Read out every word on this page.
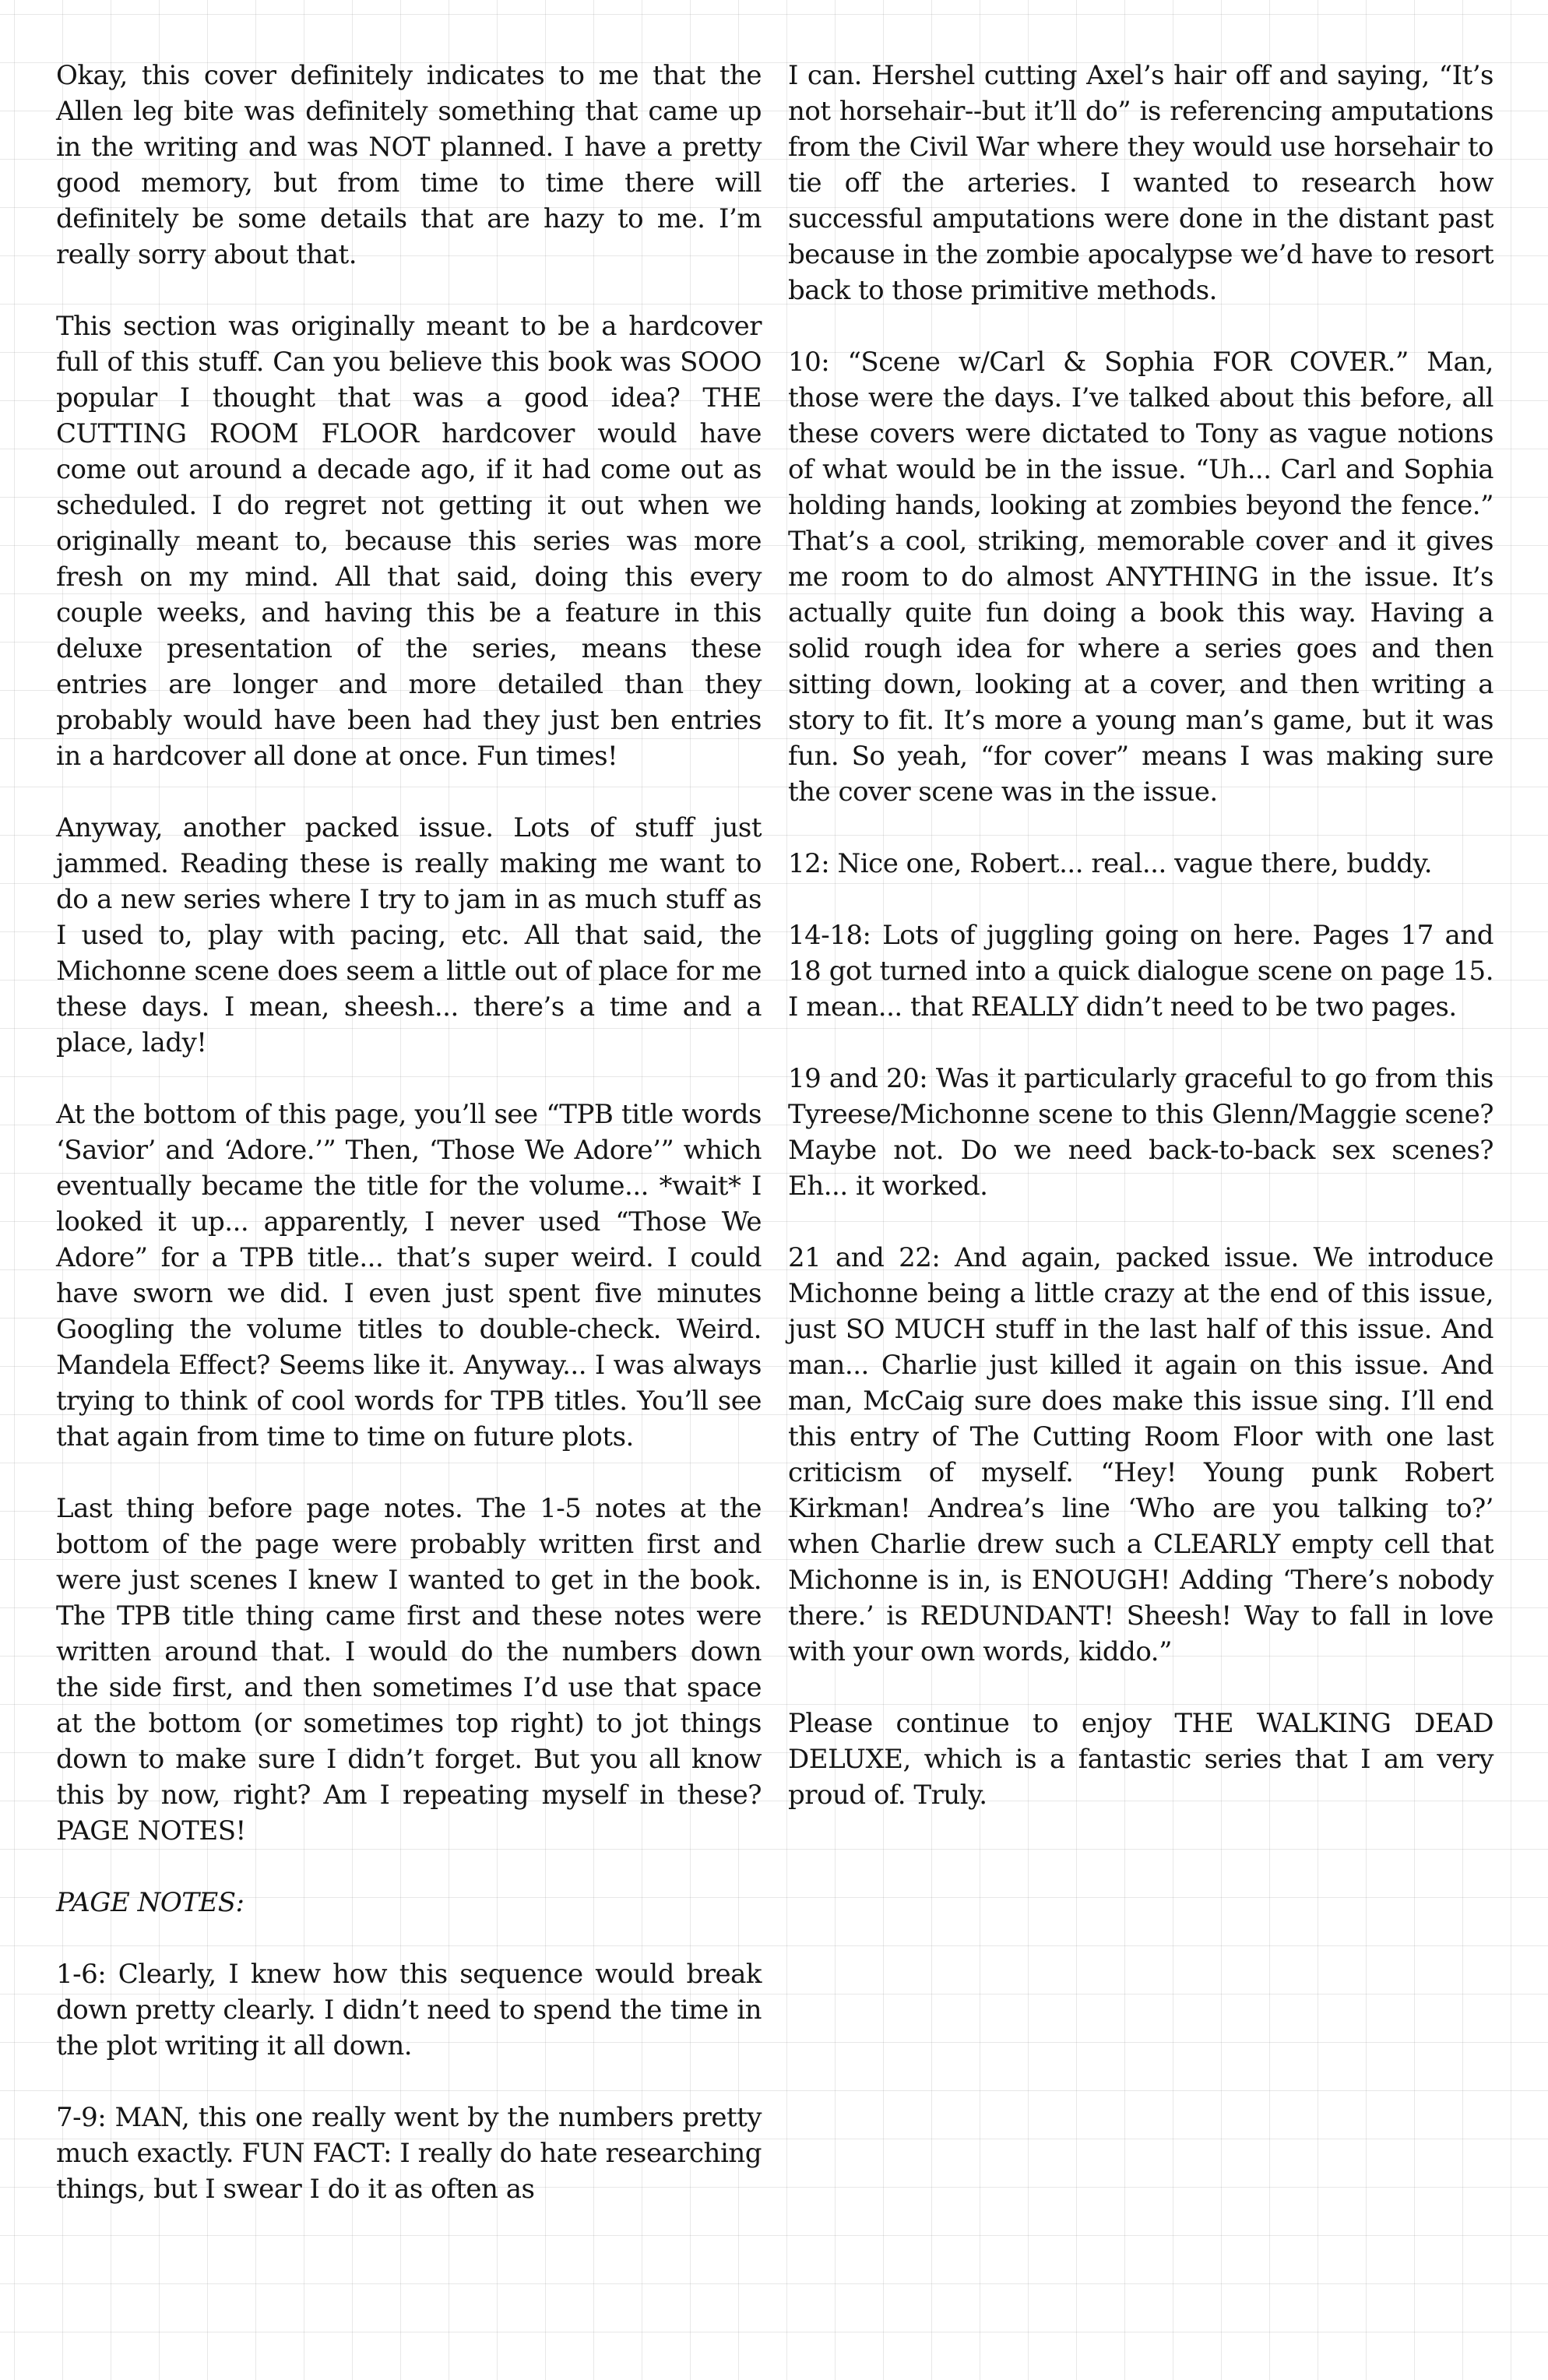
Okay, this cover definitely indicates to me that the Allen leg bite was definitely something that came up in the writing and was NOT planned. I have a pretty good memory, but from time to time there will definitely be some details that are hazy to me. I’m really sorry about that.

This section was originally meant to be a hardcover full of this stuff. Can you believe this book was SOOO popular I thought that was a good idea? THE CUTTING ROOM FLOOR hardcover would have come out around a decade ago, if it had come out as scheduled. I do regret not getting it out when we originally meant to, because this series was more fresh on my mind. All that said, doing this every couple weeks, and having this be a feature in this deluxe presentation of the series, means these entries are longer and more detailed than they probably would have been had they just ben entries in a hardcover all done at once. Fun times!

Anyway, another packed issue. Lots of stuff just jammed. Reading these is really making me want to do a new series where I try to jam in as much stuff as I used to, play with pacing, etc. All that said, the Michonne scene does seem a little out of place for me these days. I mean, sheesh... there’s a time and a place, lady!

At the bottom of this page, you’ll see “TPB title words ‘Savior’ and ‘Adore.’” Then, ‘Those We Adore’” which eventually became the title for the volume... *wait* I looked it up... apparently, I never used “Those We Adore” for a TPB title... that’s super weird. I could have sworn we did. I even just spent five minutes Googling the volume titles to double-check. Weird. Mandela Effect? Seems like it. Anyway... I was always trying to think of cool words for TPB titles. You’ll see that again from time to time on future plots.

Last thing before page notes. The 1-5 notes at the bottom of the page were probably written first and were just scenes I knew I wanted to get in the book. The TPB title thing came first and these notes were written around that. I would do the numbers down the side first, and then sometimes I’d use that space at the bottom (or sometimes top right) to jot things down to make sure I didn’t forget. But you all know this by now, right? Am I repeating myself in these? PAGE NOTES!

PAGE NOTES:

1-6: Clearly, I knew how this sequence would break down pretty clearly. I didn’t need to spend the time in the plot writing it all down.

7-9: MAN, this one really went by the numbers pretty much exactly. FUN FACT: I really do hate researching things, but I swear I do it as often as

I can. Hershel cutting Axel’s hair off and saying, “It’s not horsehair--but it’ll do” is referencing amputations from the Civil War where they would use horsehair to tie off the arteries. I wanted to research how successful amputations were done in the distant past because in the zombie apocalypse we’d have to resort back to those primitive methods.

10: “Scene w/Carl & Sophia FOR COVER.” Man, those were the days. I’ve talked about this before, all these covers were dictated to Tony as vague notions of what would be in the issue. “Uh... Carl and Sophia holding hands, looking at zombies beyond the fence.” That’s a cool, striking, memorable cover and it gives me room to do almost ANYTHING in the issue. It’s actually quite fun doing a book this way. Having a solid rough idea for where a series goes and then sitting down, looking at a cover, and then writing a story to fit. It’s more a young man’s game, but it was fun. So yeah, “for cover” means I was making sure the cover scene was in the issue.

12: Nice one, Robert... real... vague there, buddy.

14-18: Lots of juggling going on here. Pages 17 and 18 got turned into a quick dialogue scene on page 15. I mean... that REALLY didn’t need to be two pages.

19 and 20: Was it particularly graceful to go from this Tyreese/Michonne scene to this Glenn/Maggie scene? Maybe not. Do we need back-to-back sex scenes? Eh... it worked.

21 and 22: And again, packed issue. We introduce Michonne being a little crazy at the end of this issue, just SO MUCH stuff in the last half of this issue. And man... Charlie just killed it again on this issue. And man, McCaig sure does make this issue sing. I’ll end this entry of The Cutting Room Floor with one last criticism of myself. “Hey! Young punk Robert Kirkman! Andrea’s line ‘Who are you talking to?’ when Charlie drew such a CLEARLY empty cell that Michonne is in, is ENOUGH! Adding ‘There’s nobody there.’ is REDUNDANT! Sheesh! Way to fall in love with your own words, kiddo.”

Please continue to enjoy THE WALKING DEAD DELUXE, which is a fantastic series that I am very proud of. Truly.
